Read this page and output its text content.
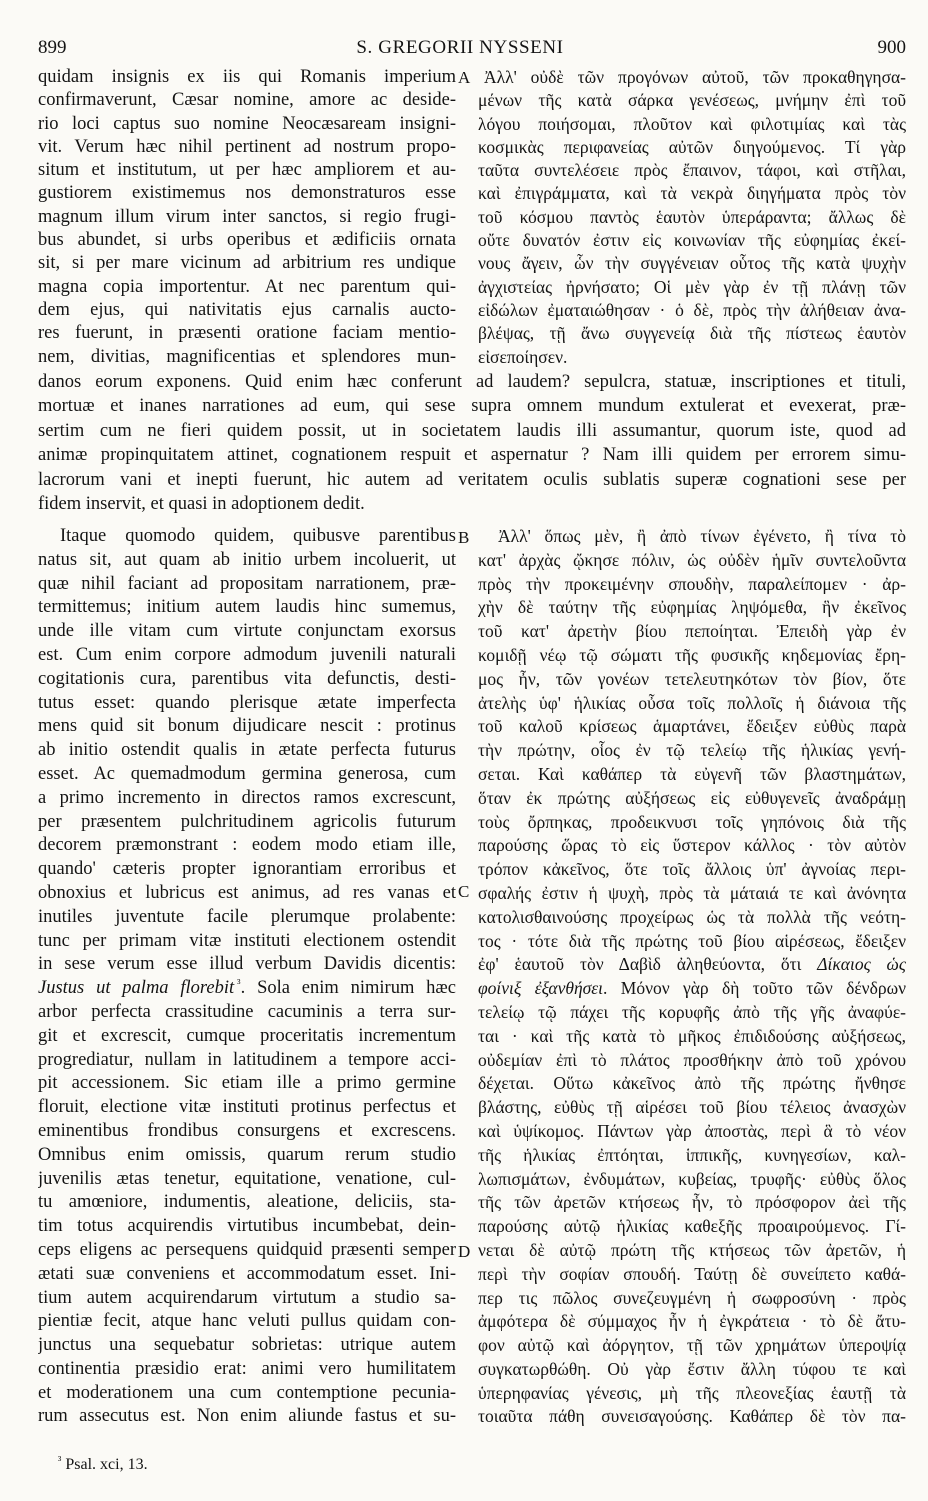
899	S. GREGORII NYSSENI	900
quidam insignis ex iis qui Romanis imperium
confirmaverunt, Cæsar nomine, amore ac deside-
rio loci captus suo nomine Neocæsaream insigni-
vit. Verum hæc nihil pertinent ad nostrum propo-
situm et institutum, ut per hæc ampliorem et au-
gustiorem existimemus nos demonstraturos esse
magnum illum virum inter sanctos, si regio frugi-
bus abundet, si urbs operibus et ædificiis ornata
sit, si per mare vicinum ad arbitrium res undique
magna copia importentur. At nec parentum qui-
dem ejus, qui nativitatis ejus carnalis aucto-
res fuerunt, in præsenti oratione faciam mentio-
nem, divitias, magnificentias et splendores mun-
Ἀλλ' οὐδὲ τῶν προγόνων αὐτοῦ, τῶν προκαθηγησα-
μένων τῆς κατὰ σάρκα γενέσεως, μνήμην ἐπὶ τοῦ
λόγου ποιήσομαι, πλοῦτον καὶ φιλοτιμίας καὶ τὰς
κοσμικὰς περιφανείας αὐτῶν διηγούμενος. Τί γὰρ
ταῦτα συντελέσειε πρὸς ἔπαινον, τάφοι, καὶ στῆλαι,
καὶ ἐπιγράμματα, καὶ τὰ νεκρὰ διηγήματα πρὸς τὸν
τοῦ κόσμου παντὸς ἑαυτὸν ὑπεράραντα; ἄλλως δὲ
οὔτε δυνατόν ἐστιν εἰς κοινωνίαν τῆς εὐφημίας ἐκεί-
νους ἄγειν, ὧν τὴν συγγένειαν οὗτος τῆς κατὰ ψυχὴν
ἀγχιστείας ἠρνήσατο; Οἱ μὲν γὰρ ἐν τῇ πλάνῃ τῶν
εἰδώλων ἐματαιώθησαν · ὁ δὲ, πρὸς τὴν ἀλήθειαν ἀνα-
βλέψας, τῇ ἄνω συγγενείᾳ διὰ τῆς πίστεως ἑαυτὸν
εἰσεποίησεν.
danos eorum exponens. Quid enim hæc conferunt ad laudem? sepulcra, statuæ, inscriptiones et tituli,
mortuæ et inanes narrationes ad eum, qui sese supra omnem mundum extulerat et evexerat, præ-
sertim cum ne fieri quidem possit, ut in societatem laudis illi assumantur, quorum iste, quod ad
animæ propinquitatem attinet, cognationem respuit et aspernatur ? Nam illi quidem per errorem simu-
lacrorum vani et inepti fuerunt, hic autem ad veritatem oculis sublatis superæ cognationi sese per
fidem inservit, et quasi in adoptionem dedit.
Itaque quomodo quidem, quibusve parentibus
natus sit, aut quam ab initio urbem incoluerit, ut
quæ nihil faciant ad propositam narrationem, præ-
termittemus; initium autem laudis hinc sumemus,
unde ille vitam cum virtute conjunctam exorsus
est. Cum enim corpore admodum juvenili naturali
cogitationis cura, parentibus vita defunctis, desti-
tutus esset: quando plerisque ætate imperfecta
mens quid sit bonum dijudicare nescit : protinus
ab initio ostendit qualis in ætate perfecta futurus
esset. Ac quemadmodum germina generosa, cum
a primo incremento in directos ramos excrescunt,
per præsentem pulchritudinem agricolis futurum
decorem præmonstrant : eodem modo etiam ille,
quando' cæteris propter ignorantiam erroribus et
obnoxius et lubricus est animus, ad res vanas et
inutiles juventute facile plerumque prolabente:
tunc per primam vitæ instituti electionem ostendit
in sese verum esse illud verbum Davidis dicentis:
Justus ut palma florebit $^{^3}$. Sola enim nimirum hæc
arbor perfecta crassitudine cacuminis a terra sur-
git et excrescit, cumque proceritatis incrementum
progrediatur, nullam in latitudinem a tempore acci-
pit accessionem. Sic etiam ille a primo germine
floruit, electione vitæ instituti protinus perfectus et
eminentibus frondibus consurgens et excrescens.
Omnibus enim omissis, quarum rerum studio
juvenilis ætas tenetur, equitatione, venatione, cul-
tu amœniore, indumentis, aleatione, deliciis, sta-
tim totus acquirendis virtutibus incumbebat, dein-
ceps eligens ac persequens quidquid præsenti semper
ætati suæ conveniens et accommodatum esset. Ini-
tium autem acquirendarum virtutum a studio sa-
pientiæ fecit, atque hanc veluti pullus quidam con-
junctus una sequebatur sobrietas: utrique autem
continentia præsidio erat: animi vero humilitatem
et moderationem una cum contemptione pecunia-
rum assecutus est. Non enim aliunde fastus et su-
Ἀλλ' ὅπως μὲν, ἢ ἀπὸ τίνων ἐγένετο, ἢ τίνα τὸ
κατ' ἀρχὰς ᾤκησε πόλιν, ὡς οὐδὲν ἡμῖν συντελοῦντα
πρὸς τὴν προκειμένην σπουδὴν, παραλείπομεν · ἀρ-
χὴν δὲ ταύτην τῆς εὐφημίας ληψόμεθα, ἣν ἐκεῖνος
τοῦ κατ' ἀρετὴν βίου πεποίηται. Ἐπειδὴ γὰρ ἐν
κομιδῇ νέῳ τῷ σώματι τῆς φυσικῆς κηδεμονίας ἔρη-
μος ἦν, τῶν γονέων τετελευτηκότων τὸν βίον, ὅτε
ἀτελὴς ὑφ' ἡλικίας οὖσα τοῖς πολλοῖς ἡ διάνοια τῆς
τοῦ καλοῦ κρίσεως ἁμαρτάνει, ἔδειξεν εὐθὺς παρὰ
τὴν πρώτην, οἷος ἐν τῷ τελείῳ τῆς ἡλικίας γενή-
σεται. Καὶ καθάπερ τὰ εὐγενῆ τῶν βλαστημάτων,
ὅταν ἐκ πρώτης αὐξήσεως εἰς εὐθυγενεῖς ἀναδράμῃ
τοὺς ὄρπηκας, προδεικνυσι τοῖς γηπόνοις διὰ τῆς
παρούσης ὥρας τὸ εἰς ὕστερον κάλλος · τὸν αὐτὸν
τρόπον κἀκεῖνος, ὅτε τοῖς ἄλλοις ὑπ' ἀγνοίας περι-
σφαλής ἐστιν ἡ ψυχὴ, πρὸς τὰ μάταιά τε καὶ ἀνόνητα
κατολισθαινούσης προχείρως ὡς τὰ πολλὰ τῆς νεότη-
τος · τότε διὰ τῆς πρώτης τοῦ βίου αἱρέσεως, ἔδειξεν
ἐφ' ἑαυτοῦ τὸν Δαβὶδ ἀληθεύοντα, ὅτι Δίκαιος ὡς
φοίνιξ ἐξανθήσει. Μόνον γὰρ δὴ τοῦτο τῶν δένδρων
τελείῳ τῷ πάχει τῆς κορυφῆς ἀπὸ τῆς γῆς ἀναφύε-
ται · καὶ τῆς κατὰ τὸ μῆκος ἐπιδιδούσης αὐξήσεως,
οὐδεμίαν ἐπὶ τὸ πλάτος προσθήκην ἀπὸ τοῦ χρόνου
δέχεται. Οὕτω κἀκεῖνος ἀπὸ τῆς πρώτης ἤνθησε
βλάστης, εὐθὺς τῇ αἱρέσει τοῦ βίου τέλειος ἀνασχὼν
καὶ ὑψίκομος. Πάντων γὰρ ἀποστὰς, περὶ ἃ τὸ νέον
τῆς ἡλικίας ἐπτόηται, ἱππικῆς, κυνηγεσίων, καλ-
λωπισμάτων, ἐνδυμάτων, κυβείας, τρυφῆς· εὐθὺς ὅλος
τῆς τῶν ἀρετῶν κτήσεως ἦν, τὸ πρόσφορον ἀεὶ τῆς
παρούσης αὐτῷ ἡλικίας καθεξῆς προαιρούμενος. Γί-
νεται δὲ αὐτῷ πρώτη τῆς κτήσεως τῶν ἀρετῶν, ἡ
περὶ τὴν σοφίαν σπουδή. Ταύτῃ δὲ συνείπετο καθά-
περ τις πῶλος συνεζευγμένη ἡ σωφροσύνη · πρὸς
ἀμφότερα δὲ σύμμαχος ἦν ἡ ἐγκράτεια · τὸ δὲ ἄτυ-
φον αὐτῷ καὶ ἀόργητον, τῇ τῶν χρημάτων ὑπεροψίᾳ
συγκατωρθώθη. Οὐ γὰρ ἔστιν ἄλλη τύφου τε καὶ
ὑπερηφανίας γένεσις, μὴ τῆς πλεονεξίας ἑαυτῇ τὰ
τοιαῦτα πάθη συνεισαγούσης. Καθάπερ δὲ τὸν πα-
A
B
C
D
$^{^3}$ Psal. xci, 13.
